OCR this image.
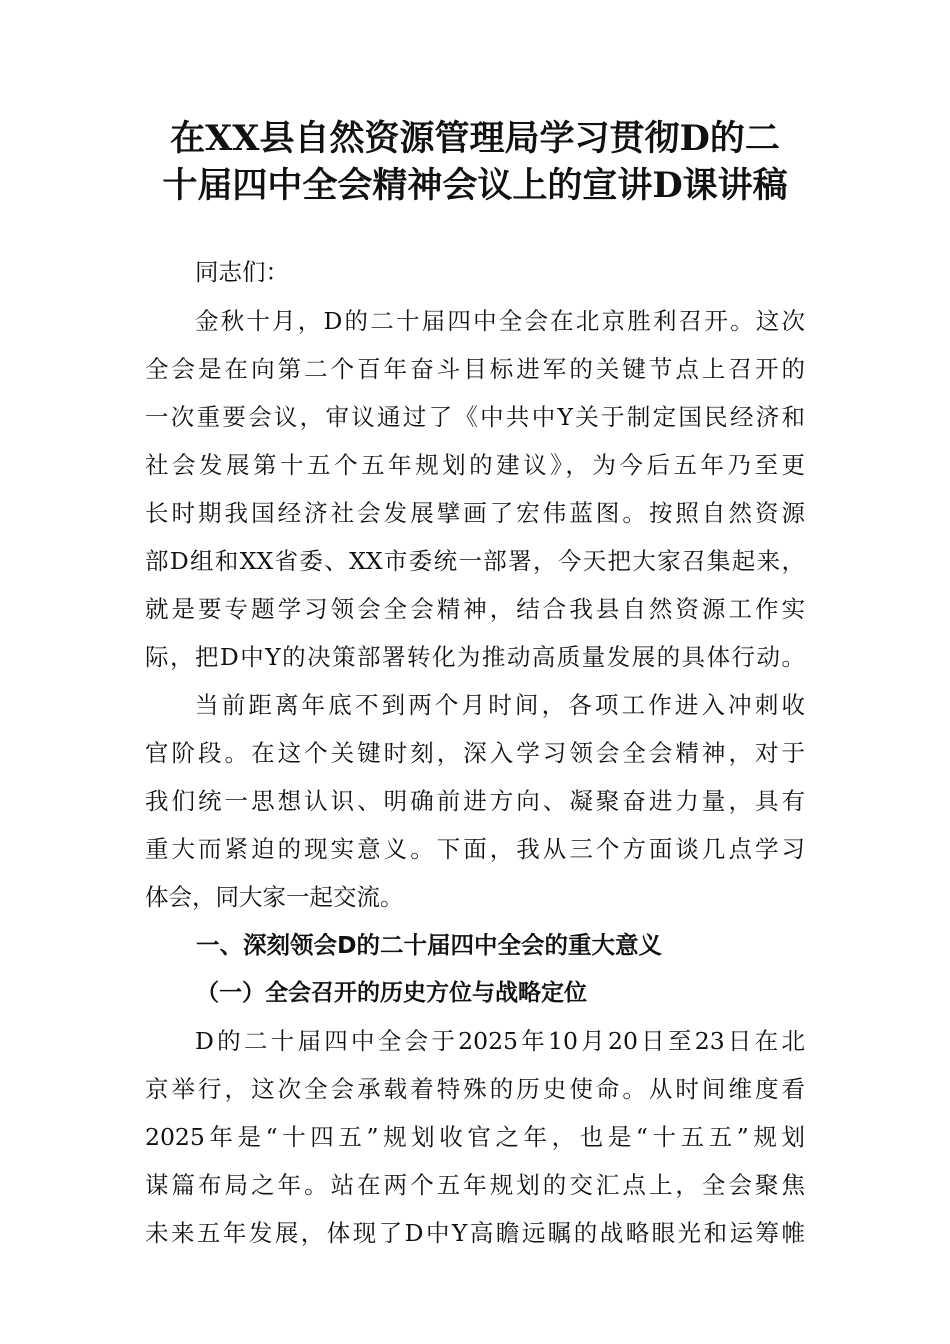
在XX县自然资源管理局学习贯彻D的二
十届四中全会精神会议上的宣讲D课讲稿
同志们：
金秋十月，D的二十届四中全会在北京胜利召开。这次
全会是在向第二个百年奋斗目标进军的关键节点上召开的
一次重要会议，审议通过了《中共中Y关于制定国民经济和
社会发展第十五个五年规划的建议》，为今后五年乃至更
长时期我国经济社会发展擘画了宏伟蓝图。按照自然资源
部D组和XX省委、XX市委统一部署，今天把大家召集起来，
就是要专题学习领会全会精神，结合我县自然资源工作实
际，把D中Y的决策部署转化为推动高质量发展的具体行动。
当前距离年底不到两个月时间，各项工作进入冲刺收
官阶段。在这个关键时刻，深入学习领会全会精神，对于
我们统一思想认识、明确前进方向、凝聚奋进力量，具有
重大而紧迫的现实意义。下面，我从三个方面谈几点学习
体会，同大家一起交流。
一、深刻领会D的二十届四中全会的重大意义
（一）全会召开的历史方位与战略定位
D的二十届四中全会于2025年10月20日至23日在北
京举行，这次全会承载着特殊的历史使命。从时间维度看
2025年是“十四五”规划收官之年，也是“十五五”规划
谋篇布局之年。站在两个五年规划的交汇点上，全会聚焦
未来五年发展，体现了D中Y高瞻远瞩的战略眼光和运筹帷
